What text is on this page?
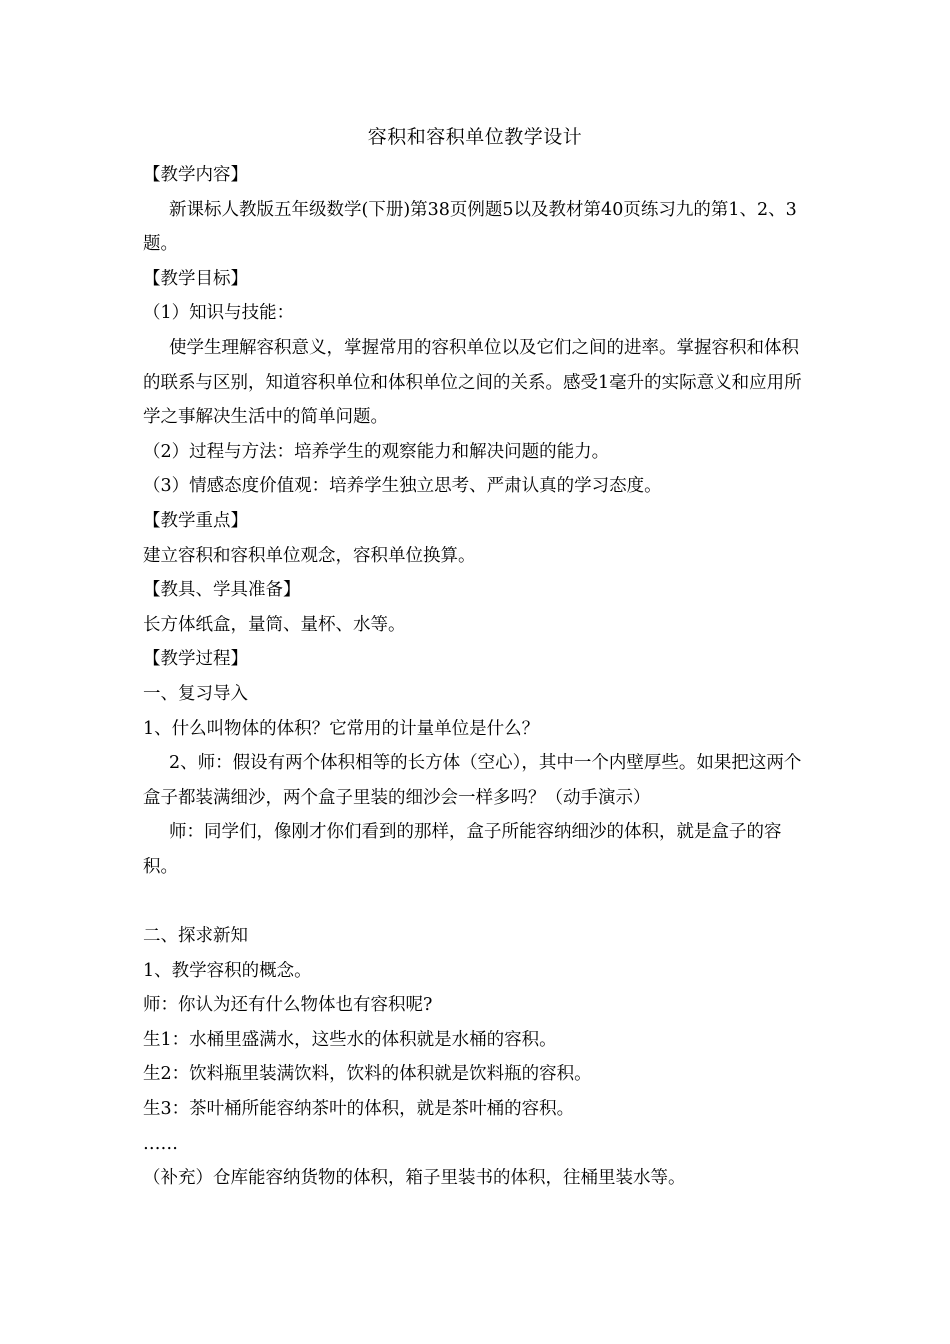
容积和容积单位教学设计

【教学内容】

新课标人教版五年级数学(下册)第38页例题5以及教材第40页练习九的第1、2、3题。

【教学目标】

（1）知识与技能：

使学生理解容积意义，掌握常用的容积单位以及它们之间的进率。掌握容积和体积的联系与区别，知道容积单位和体积单位之间的关系。感受1毫升的实际意义和应用所学之事解决生活中的简单问题。

（2）过程与方法：培养学生的观察能力和解决问题的能力。

（3）情感态度价值观：培养学生独立思考、严肃认真的学习态度。

【教学重点】

建立容积和容积单位观念，容积单位换算。

【教具、学具准备】

长方体纸盒，量筒、量杯、水等。

【教学过程】

一、复习导入

1、什么叫物体的体积？它常用的计量单位是什么？

2、师：假设有两个体积相等的长方体（空心），其中一个内壁厚些。如果把这两个盒子都装满细沙，两个盒子里装的细沙会一样多吗？（动手演示）

师：同学们，像刚才你们看到的那样，盒子所能容纳细沙的体积，就是盒子的容积。

二、探求新知

1、教学容积的概念。

师：你认为还有什么物体也有容积呢?

生1：水桶里盛满水，这些水的体积就是水桶的容积。

生2：饮料瓶里装满饮料，饮料的体积就是饮料瓶的容积。

生3：茶叶桶所能容纳茶叶的体积，就是茶叶桶的容积。

……

（补充）仓库能容纳货物的体积，箱子里装书的体积，往桶里装水等。
